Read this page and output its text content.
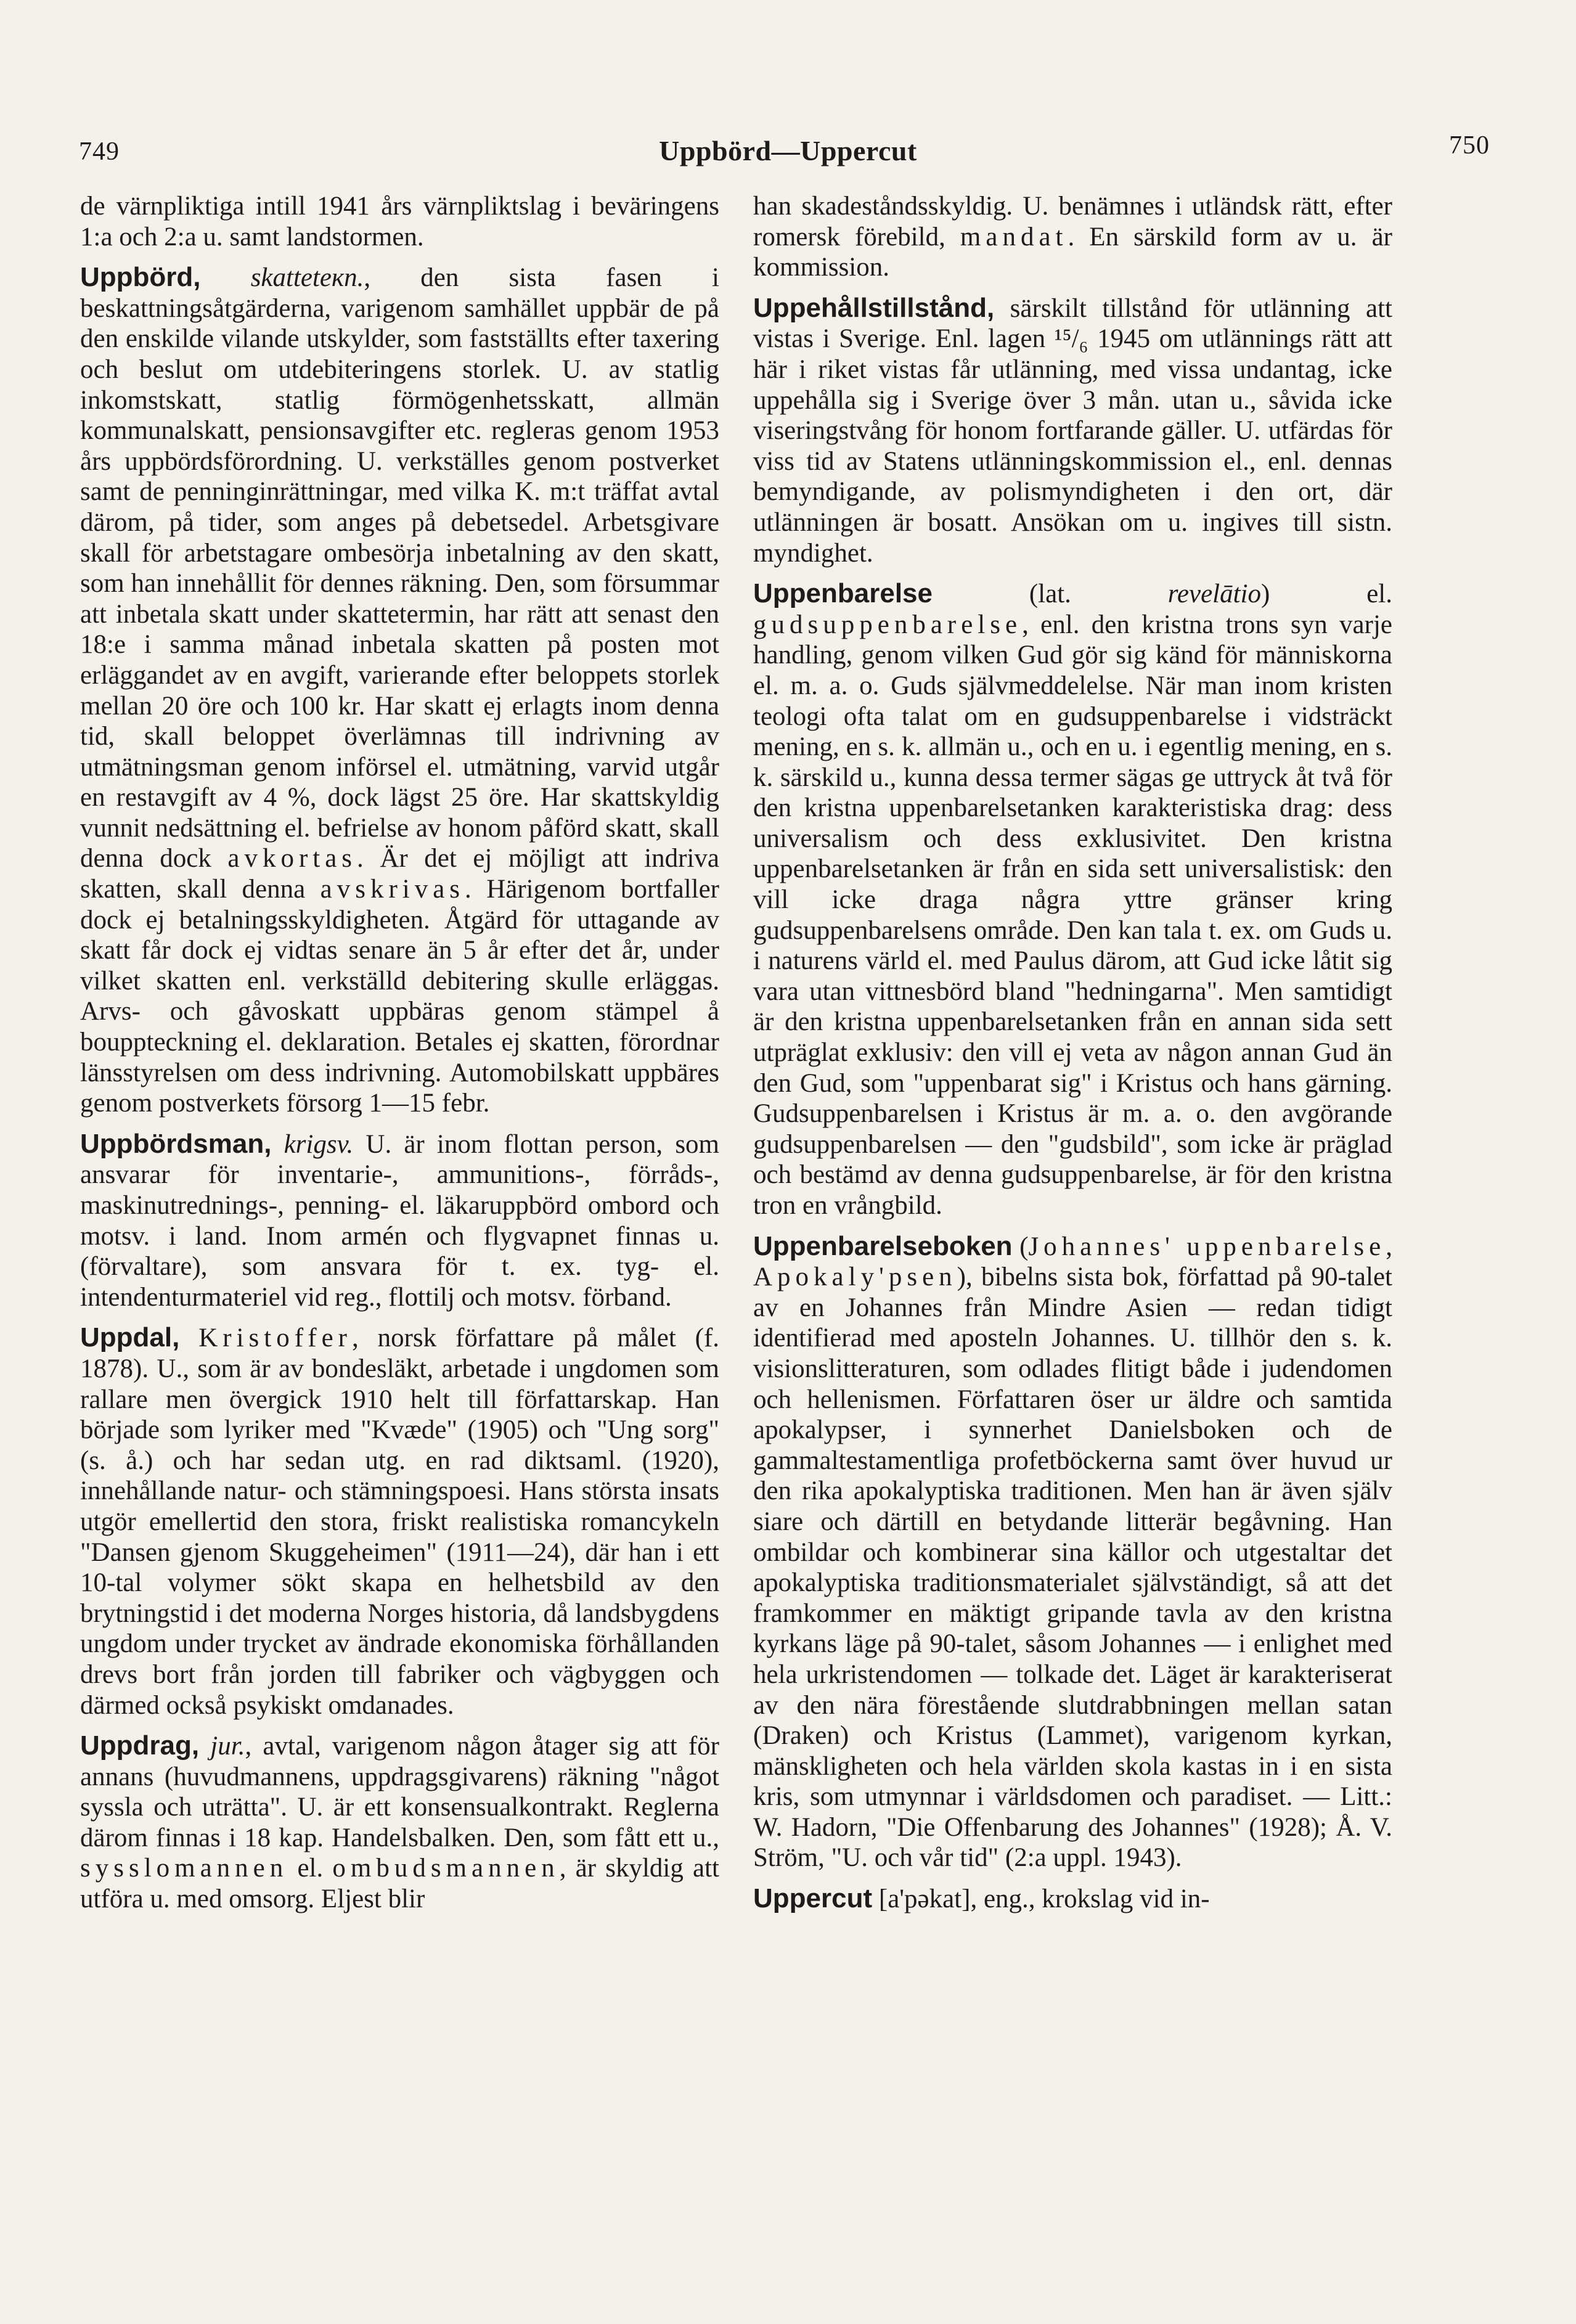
749	Uppbörd—Uppercut	750

de värnpliktiga intill 1941 års värnpliktslag i beväringens 1:a och 2:a u. samt landstormen.

Uppbörd, skatteteкn., den sista fasen i beskattningsåtgärderna, varigenom samhället uppbär de på den enskilde vilande utskylder, som fastställts efter taxering och beslut om utdebiteringens storlek. U. av statlig inkomstskatt, statlig förmögenhetsskatt, allmän kommunalskatt, pensionsavgifter etc. regleras genom 1953 års uppbördsförordning. U. verkställes genom postverket samt de penninginrättningar, med vilka K. m:t träffat avtal därom, på tider, som anges på debetsedel. Arbetsgivare skall för arbetstagare ombesörja inbetalning av den skatt, som han innehållit för dennes räkning. Den, som försummar att inbetala skatt under skattetermin, har rätt att senast den 18:e i samma månad inbetala skatten på posten mot erläggandet av en avgift, varierande efter beloppets storlek mellan 20 öre och 100 kr. Har skatt ej erlagts inom denna tid, skall beloppet överlämnas till indrivning av utmätningsman genom införsel el. utmätning, varvid utgår en restavgift av 4 %, dock lägst 25 öre. Har skattskyldig vunnit nedsättning el. befrielse av honom påförd skatt, skall denna dock avkortas. Är det ej möjligt att indriva skatten, skall denna avskrivas. Härigenom bortfaller dock ej betalningsskyldigheten. Åtgärd för uttagande av skatt får dock ej vidtas senare än 5 år efter det år, under vilket skatten enl. verkställd debitering skulle erläggas. Arvs- och gåvoskatt uppbäras genom stämpel å bouppteckning el. deklaration. Betales ej skatten, förordnar länsstyrelsen om dess indrivning. Automobilskatt uppbäres genom postverkets försorg 1—15 febr.

Uppbördsman, krigsv. U. är inom flottan person, som ansvarar för inventarie-, ammunitions-, förråds-, maskinutrednings-, penning- el. läkaruppbörd ombord och motsv. i land. Inom armén och flygvapnet finnas u. (förvaltare), som ansvara för t. ex. tyg- el. intendenturmateriel vid reg., flottilj och motsv. förband.

Uppdal, Kristoffer, norsk författare på målet (f. 1878). U., som är av bondesläkt, arbetade i ungdomen som rallare men övergick 1910 helt till författarskap. Han började som lyriker med "Kvæde" (1905) och "Ung sorg" (s. å.) och har sedan utg. en rad diktsaml. (1920), innehållande natur- och stämningspoesi. Hans största insats utgör emellertid den stora, friskt realistiska romancykeln "Dansen gjenom Skuggeheimen" (1911—24), där han i ett 10-tal volymer sökt skapa en helhetsbild av den brytningstid i det moderna Norges historia, då landsbygdens ungdom under trycket av ändrade ekonomiska förhållanden drevs bort från jorden till fabriker och vägbyggen och därmed också psykiskt omdanades.

Uppdrag, jur., avtal, varigenom någon åtager sig att för annans (huvudmannens, uppdragsgivarens) räkning "något syssla och uträtta". U. är ett konsensualkontrakt. Reglerna därom finnas i 18 kap. Handelsbalken. Den, som fått ett u., sysslomannen el. ombudsmannen, är skyldig att utföra u. med omsorg. Eljest blir

han skadeståndsskyldig. U. benämnes i utländsk rätt, efter romersk förebild, mandat. En särskild form av u. är kommission.

Uppehållstillstånd, särskilt tillstånd för utlänning att vistas i Sverige. Enl. lagen ¹⁵/₆ 1945 om utlännings rätt att här i riket vistas får utlänning, med vissa undantag, icke uppehålla sig i Sverige över 3 mån. utan u., såvida icke viseringstvång för honom fortfarande gäller. U. utfärdas för viss tid av Statens utlänningskommission el., enl. dennas bemyndigande, av polismyndigheten i den ort, där utlänningen är bosatt. Ansökan om u. ingives till sistn. myndighet.

Uppenbarelse (lat. revelātio) el. gudsuppenbarelse, enl. den kristna trons syn varje handling, genom vilken Gud gör sig känd för människorna el. m. a. o. Guds självmeddelelse. När man inom kristen teologi ofta talat om en gudsuppenbarelse i vidsträckt mening, en s. k. allmän u., och en u. i egentlig mening, en s. k. särskild u., kunna dessa termer sägas ge uttryck åt två för den kristna uppenbarelsetanken karakteristiska drag: dess universalism och dess exklusivitet. Den kristna uppenbarelsetanken är från en sida sett universalistisk: den vill icke draga några yttre gränser kring gudsuppenbarelsens område. Den kan tala t. ex. om Guds u. i naturens värld el. med Paulus därom, att Gud icke låtit sig vara utan vittnesbörd bland "hedningarna". Men samtidigt är den kristna uppenbarelsetanken från en annan sida sett utpräglat exklusiv: den vill ej veta av någon annan Gud än den Gud, som "uppenbarat sig" i Kristus och hans gärning. Gudsuppenbarelsen i Kristus är m. a. o. den avgörande gudsuppenbarelsen — den "gudsbild", som icke är präglad och bestämd av denna gudsuppenbarelse, är för den kristna tron en vrångbild.

Uppenbarelseboken (Johannes' uppenbarelse, Apokaly'psen), bibelns sista bok, författad på 90-talet av en Johannes från Mindre Asien — redan tidigt identifierad med aposteln Johannes. U. tillhör den s. k. visionslitteraturen, som odlades flitigt både i judendomen och hellenismen. Författaren öser ur äldre och samtida apokalypser, i synnerhet Danielsboken och de gammaltestamentliga profetböckerna samt över huvud ur den rika apokalyptiska traditionen. Men han är även själv siare och därtill en betydande litterär begåvning. Han ombildar och kombinerar sina källor och utgestaltar det apokalyptiska traditionsmaterialet självständigt, så att det framkommer en mäktigt gripande tavla av den kristna kyrkans läge på 90-talet, såsom Johannes — i enlighet med hela urkristendomen — tolkade det. Läget är karakteriserat av den nära förestående slutdrabbningen mellan satan (Draken) och Kristus (Lammet), varigenom kyrkan, mänskligheten och hela världen skola kastas in i en sista kris, som utmynnar i världsdomen och paradiset. — Litt.: W. Hadorn, "Die Offenbarung des Johannes" (1928); Å. V. Ström, "U. och vår tid" (2:a uppl. 1943).

Uppercut [a'pəkat], eng., krokslag vid in-
